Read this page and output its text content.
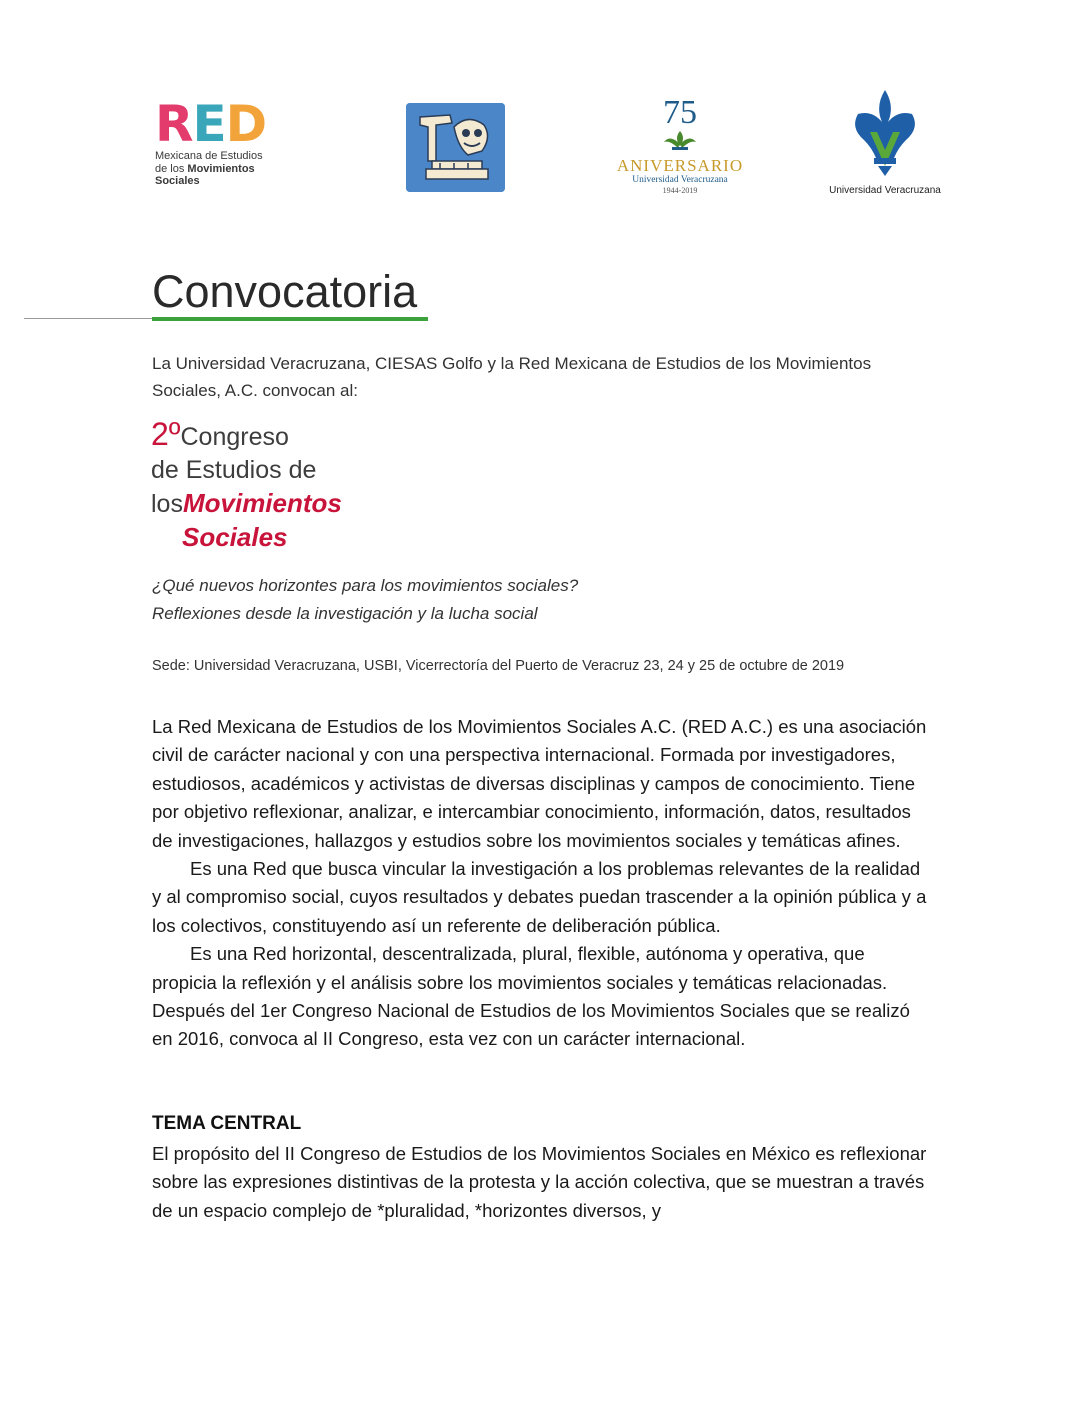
RED
Mexicana de Estudios
de los Movimientos
Sociales
75
ANIVERSARIO
Universidad Veracruzana
1944-2019	Universidad Veracruzana
Convocatoria
La Universidad Veracruzana, CIESAS Golfo y la Red Mexicana de Estudios de los Movimientos Sociales, A.C. convocan al:
2ºCongreso
de Estudios de
losMovimientos
Sociales
¿Qué nuevos horizontes para los movimientos sociales?
Reflexiones desde la investigación y la lucha social
Sede: Universidad Veracruzana, USBI, Vicerrectoría del Puerto de Veracruz 23, 24 y 25 de octubre de 2019

La Red Mexicana de Estudios de los Movimientos Sociales A.C. (RED A.C.) es una asociación civil de carácter nacional y con una perspectiva internacional. Formada por investigadores, estudiosos, académicos y activistas de diversas disciplinas y campos de conocimiento. Tiene por objetivo reflexionar, analizar, e intercambiar conocimiento, información, datos, resultados de investigaciones, hallazgos y estudios sobre los movimientos sociales y temáticas afines.

Es una Red que busca vincular la investigación a los problemas relevantes de la realidad y al compromiso social, cuyos resultados y debates puedan trascender a la opinión pública y a los colectivos, constituyendo así un referente de deliberación pública.

Es una Red horizontal, descentralizada, plural, flexible, autónoma y operativa, que propicia la reflexión y el análisis sobre los movimientos sociales y temáticas relacionadas. Después del 1er Congreso Nacional de Estudios de los Movimientos Sociales que se realizó en 2016, convoca al II Congreso, esta vez con un carácter internacional.

TEMA CENTRAL

El propósito del II Congreso de Estudios de los Movimientos Sociales en México es reflexionar sobre las expresiones distintivas de la protesta y la acción colectiva, que se muestran a través de un espacio complejo de *pluralidad, *horizontes diversos, y
